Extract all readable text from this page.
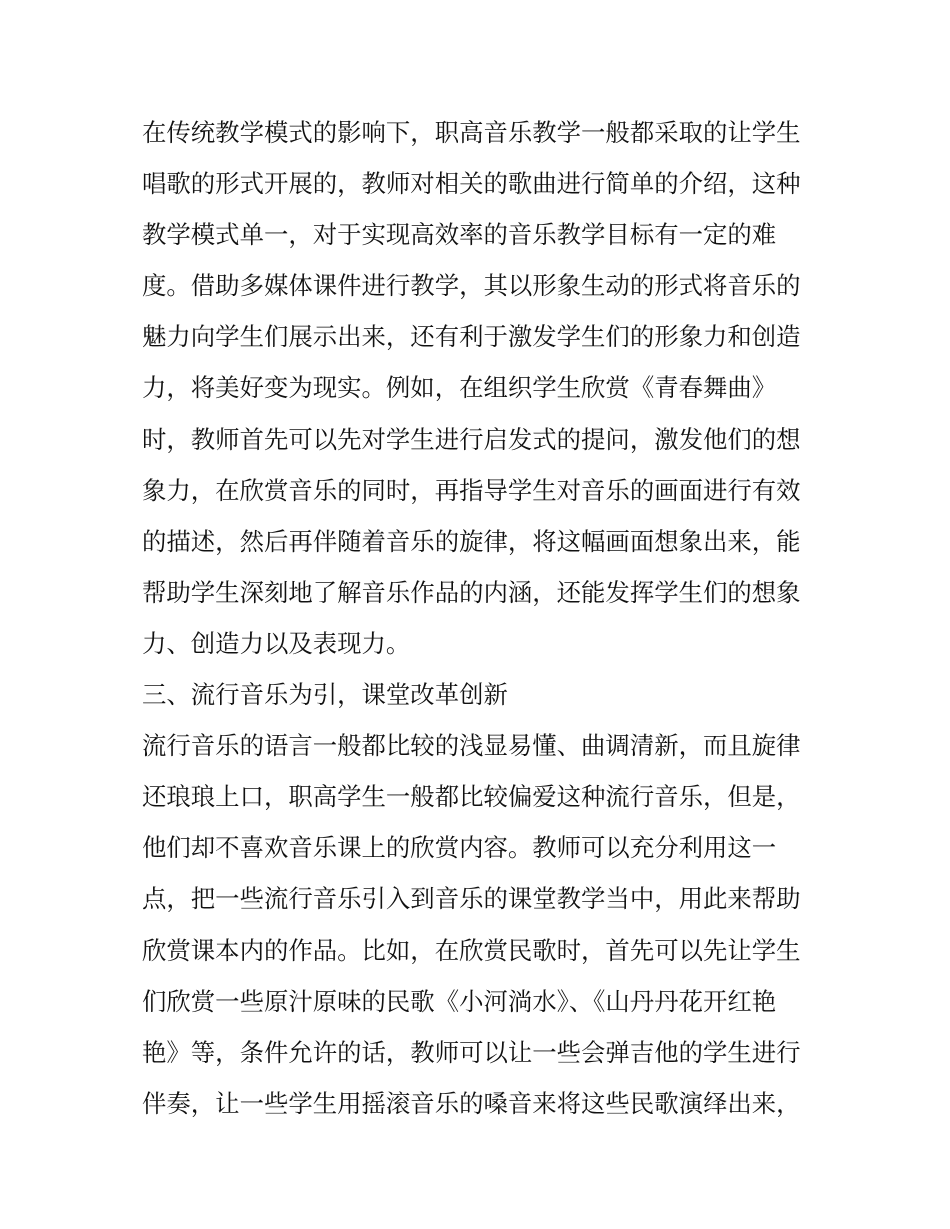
在传统教学模式的影响下，职高音乐教学一般都采取的让学生
唱歌的形式开展的，教师对相关的歌曲进行简单的介绍，这种
教学模式单一，对于实现高效率的音乐教学目标有一定的难
度。借助多媒体课件进行教学，其以形象生动的形式将音乐的
魅力向学生们展示出来，还有利于激发学生们的形象力和创造
力，将美好变为现实。例如，在组织学生欣赏《青春舞曲》
时，教师首先可以先对学生进行启发式的提问，激发他们的想
象力，在欣赏音乐的同时，再指导学生对音乐的画面进行有效
的描述，然后再伴随着音乐的旋律，将这幅画面想象出来，能
帮助学生深刻地了解音乐作品的内涵，还能发挥学生们的想象
力、创造力以及表现力。
三、流行音乐为引，课堂改革创新
流行音乐的语言一般都比较的浅显易懂、曲调清新，而且旋律
还琅琅上口，职高学生一般都比较偏爱这种流行音乐，但是，
他们却不喜欢音乐课上的欣赏内容。教师可以充分利用这一
点，把一些流行音乐引入到音乐的课堂教学当中，用此来帮助
欣赏课本内的作品。比如，在欣赏民歌时，首先可以先让学生
们欣赏一些原汁原味的民歌《小河淌水》、《山丹丹花开红艳
艳》等，条件允许的话，教师可以让一些会弹吉他的学生进行
伴奏，让一些学生用摇滚音乐的嗓音来将这些民歌演绎出来，
